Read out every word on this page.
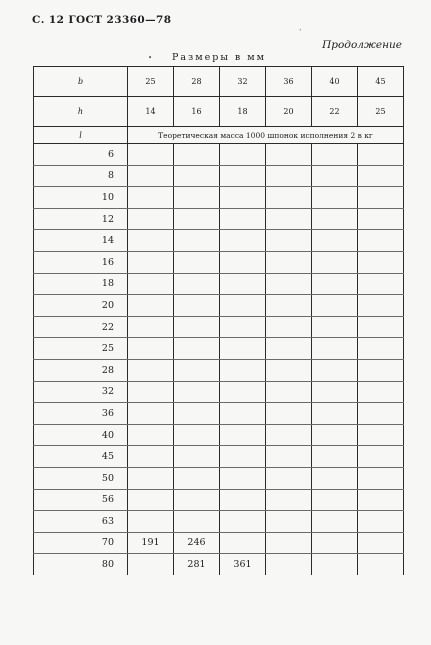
С. 12 ГОСТ 23360—78
Продолжение
Размеры в мм
b	25	28	32	36	40	45
h	14	16	18	20	22	25
l	Теоретическая масса 1000 шпонок исполнения 2 в кг					
6						
8						
10						
12						
14						
16						
18						
20						
22						
25						
28						
32						
36						
40						
45						
50						
56						
63						
70	191	246				
80		281	361			
•
ʻ
